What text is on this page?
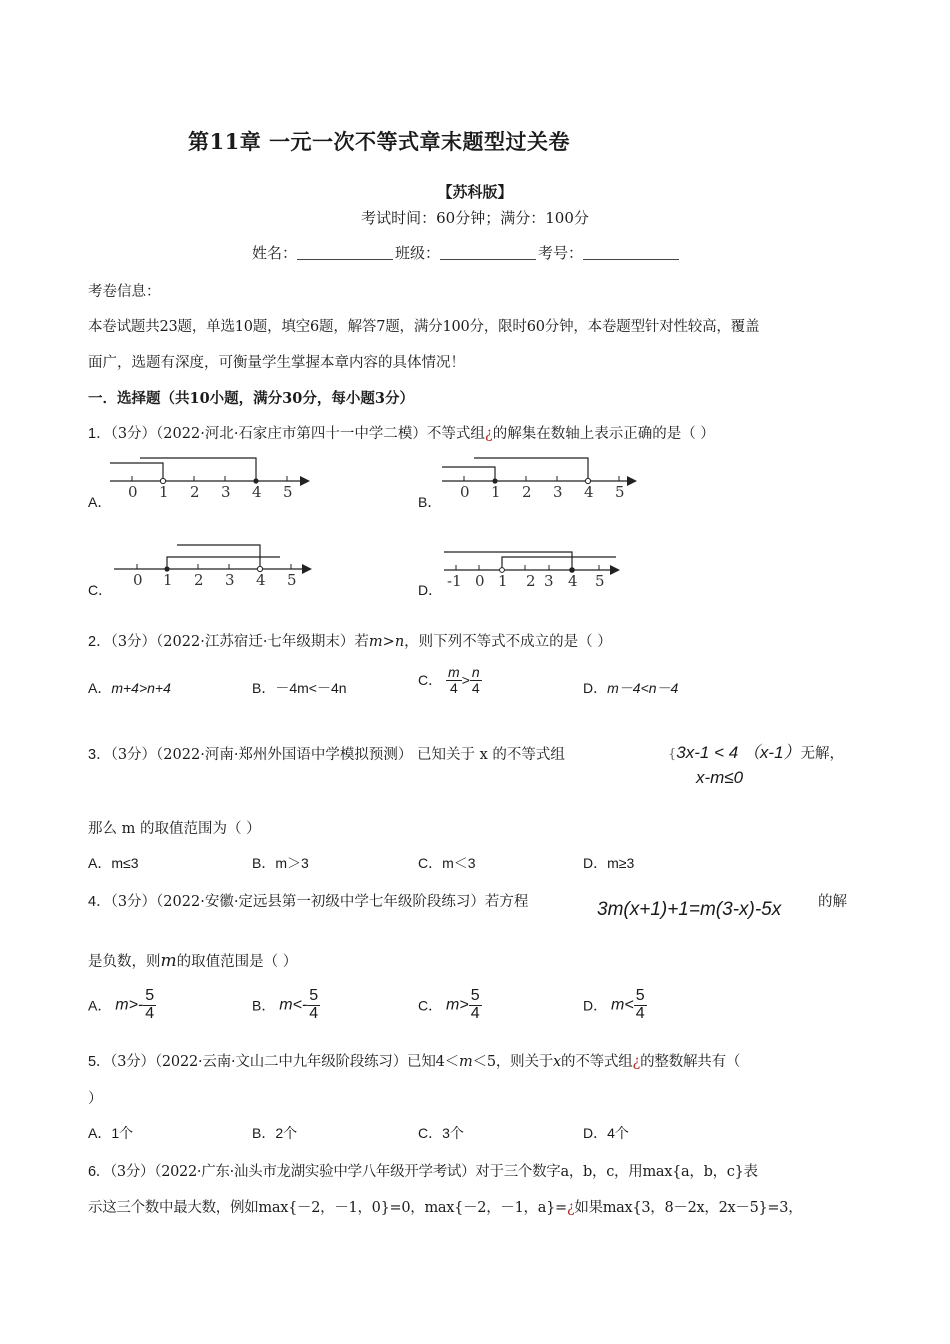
第11章 一元一次不等式章末题型过关卷
【苏科版】
考试时间：60分钟；满分：100分
姓名：	班级：	考号：
考卷信息：
本卷试题共23题，单选10题，填空6题，解答7题，满分100分，限时60分钟，本卷题型针对性较高，覆盖
面广，选题有深度，可衡量学生掌握本章内容的具体情况！
一．选择题（共10小题，满分30分，每小题3分）
1．（3分）（2022·河北·石家庄市第四十一中学二模）不等式组¿的解集在数轴上表示正确的是（ ）
A．
0 1 2 3 4 5
B．
0 1 2 3 4 5
C．
0 1 2 3 4 5
D． -1 0 1 2 3 4 5
2．（3分）（2022·江苏宿迁·七年级期末）若m>n，则下列不等式不成立的是（ ）
A．m+4>n+4	B．－4m<－4n	C． $\frac{m}{4} > \frac{n}{4}$	D．m－4<n－4
3．（3分）（2022·河南·郑州外国语中学模拟预测） 已知关于 x 的不等式组	{3x-1 < 4 （x-1）无解，
x-m≤0
那么 m 的取值范围为（ ）
A．m≤3	B．m＞3	C．m＜3	D．m≥3
4．（3分）（2022·安徽·定远县第一初级中学七年级阶段练习）若方程	3m(x+1)+1=m(3-x)-5x	的解
是负数，则m的取值范围是（ ）
A． $m>- \frac{5}{4}$	B． $m<- \frac{5}{4}$	C． $m> \frac{5}{4}$	D． $m< \frac{5}{4}$
5．（3分）（2022·云南·文山二中九年级阶段练习）已知4＜m＜5，则关于x的不等式组¿的整数解共有（
）
A．1个	B．2个	C．3个	D．4个
6．（3分）（2022·广东·汕头市龙湖实验中学八年级开学考试）对于三个数字a，b，c，用max{a，b，c}表
示这三个数中最大数，例如max{－2，－1，0}=0，max{－2，－1，a}=¿如果max{3，8－2x，2x－5}=3，
